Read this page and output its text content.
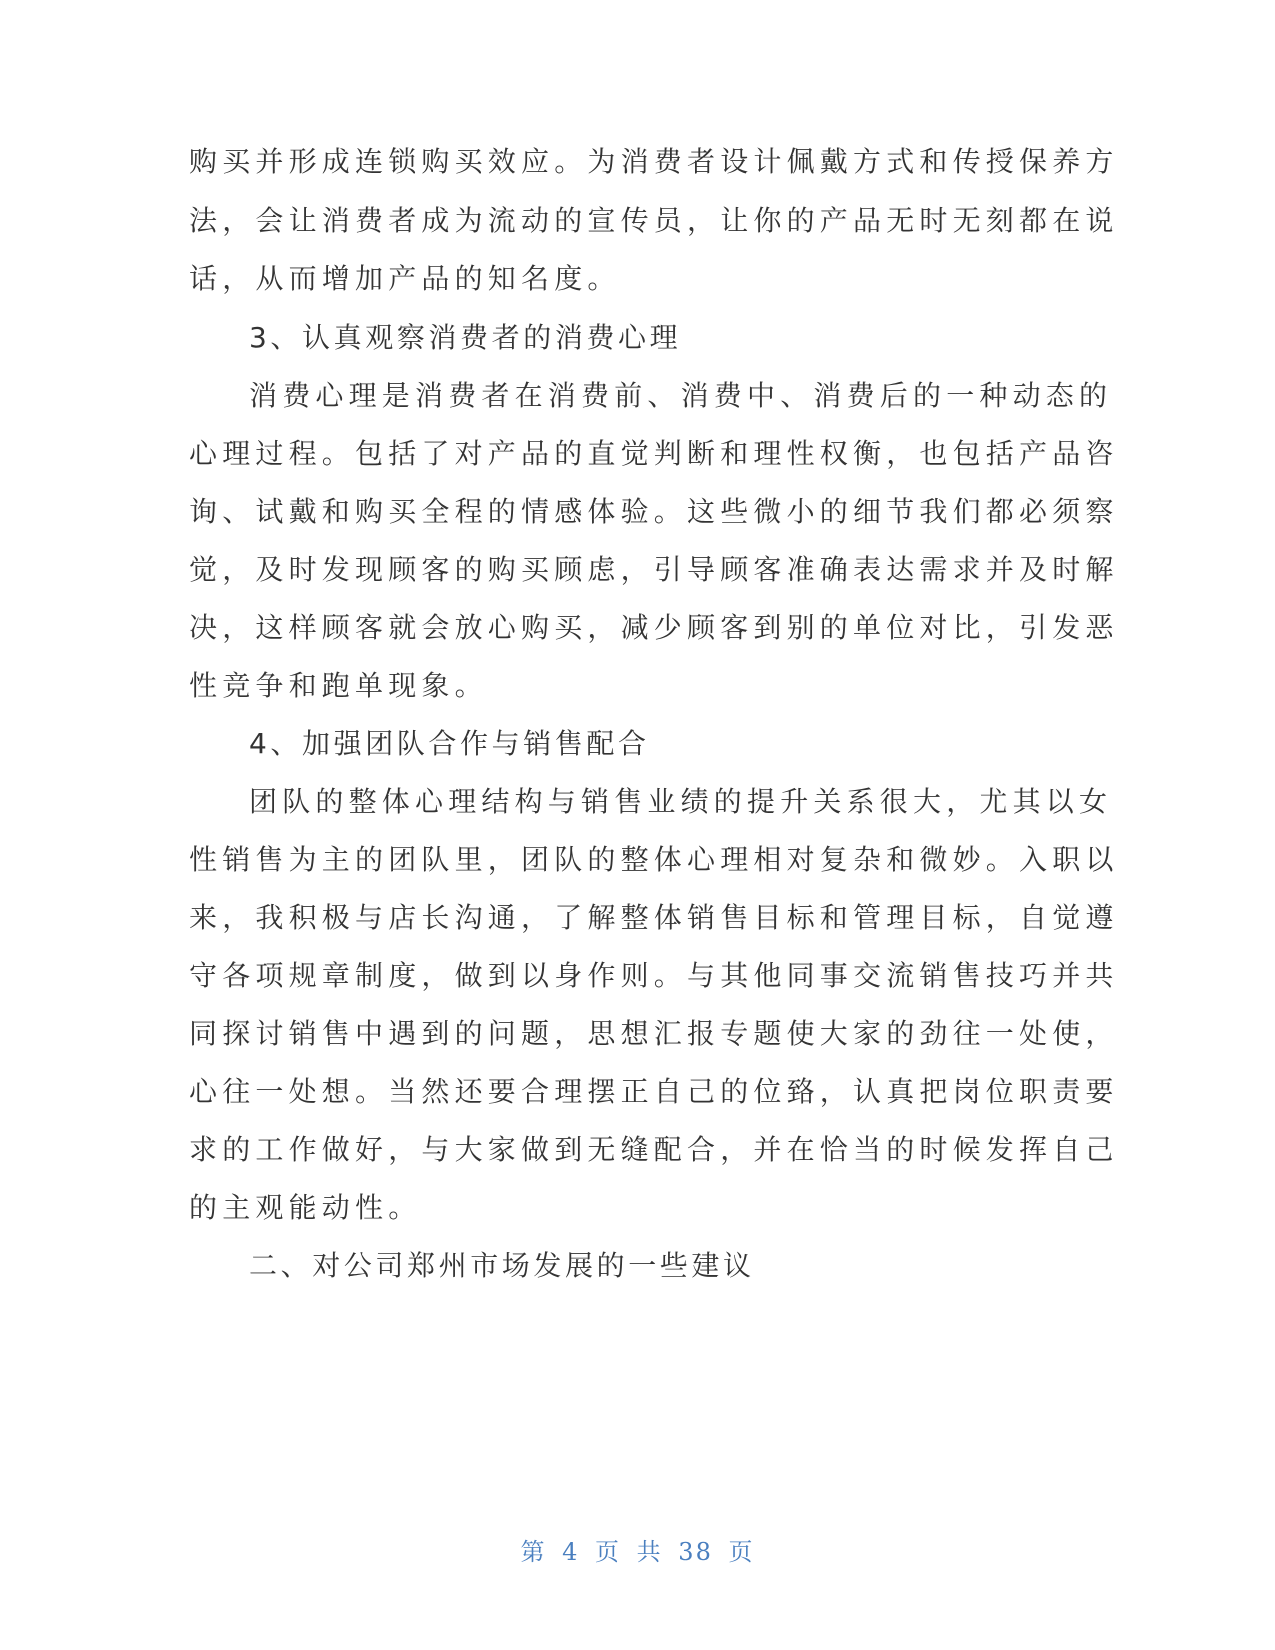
购买并形成连锁购买效应。为消费者设计佩戴方式和传授保养方
法，会让消费者成为流动的宣传员，让你的产品无时无刻都在说
话，从而增加产品的知名度。
3、认真观察消费者的消费心理
消费心理是消费者在消费前、消费中、消费后的一种动态的
心理过程。包括了对产品的直觉判断和理性权衡，也包括产品咨
询、试戴和购买全程的情感体验。这些微小的细节我们都必须察
觉，及时发现顾客的购买顾虑，引导顾客准确表达需求并及时解
决，这样顾客就会放心购买，减少顾客到别的单位对比，引发恶
性竞争和跑单现象。
4、加强团队合作与销售配合
团队的整体心理结构与销售业绩的提升关系很大，尤其以女
性销售为主的团队里，团队的整体心理相对复杂和微妙。入职以
来，我积极与店长沟通，了解整体销售目标和管理目标，自觉遵
守各项规章制度，做到以身作则。与其他同事交流销售技巧并共
同探讨销售中遇到的问题，思想汇报专题使大家的劲往一处使，
心往一处想。当然还要合理摆正自己的位臵，认真把岗位职责要
求的工作做好，与大家做到无缝配合，并在恰当的时候发挥自己
的主观能动性。
二、对公司郑州市场发展的一些建议
第 4 页 共 38 页
